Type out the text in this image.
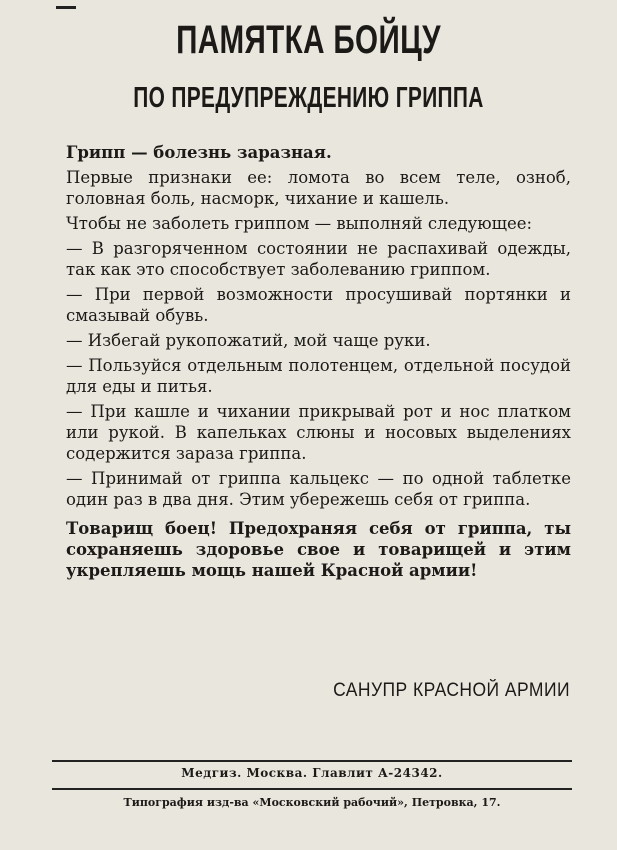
ПАМЯТКА БОЙЦУ
ПО ПРЕДУПРЕЖДЕНИЮ ГРИППА

Грипп — болезнь заразная.

Первые признаки ее: ломота во всем теле, озноб, головная боль, насморк, чихание и кашель.

Чтобы не заболеть гриппом — выполняй следующее:

— В разгоряченном состоянии не распахивай одежды, так как это способствует заболеванию гриппом.

— При первой возможности просушивай портянки и смазывай обувь.

— Избегай рукопожатий, мой чаще руки.

— Пользуйся отдельным полотенцем, отдельной посудой для еды и питья.

— При кашле и чихании прикрывай рот и нос платком или рукой. В капельках слюны и носовых выделениях содержится зараза гриппа.

— Принимай от гриппа кальцекс — по одной таблетке один раз в два дня. Этим убережешь себя от гриппа.

Товарищ боец! Предохраняя себя от гриппа, ты сохраняешь здоровье свое и товарищей и этим укрепляешь мощь нашей Красной армии!

САНУПР КРАСНОЙ АРМИИ
Медгиз. Москва. Главлит А-24342.
Типография изд-ва «Московский рабочий», Петровка, 17.
